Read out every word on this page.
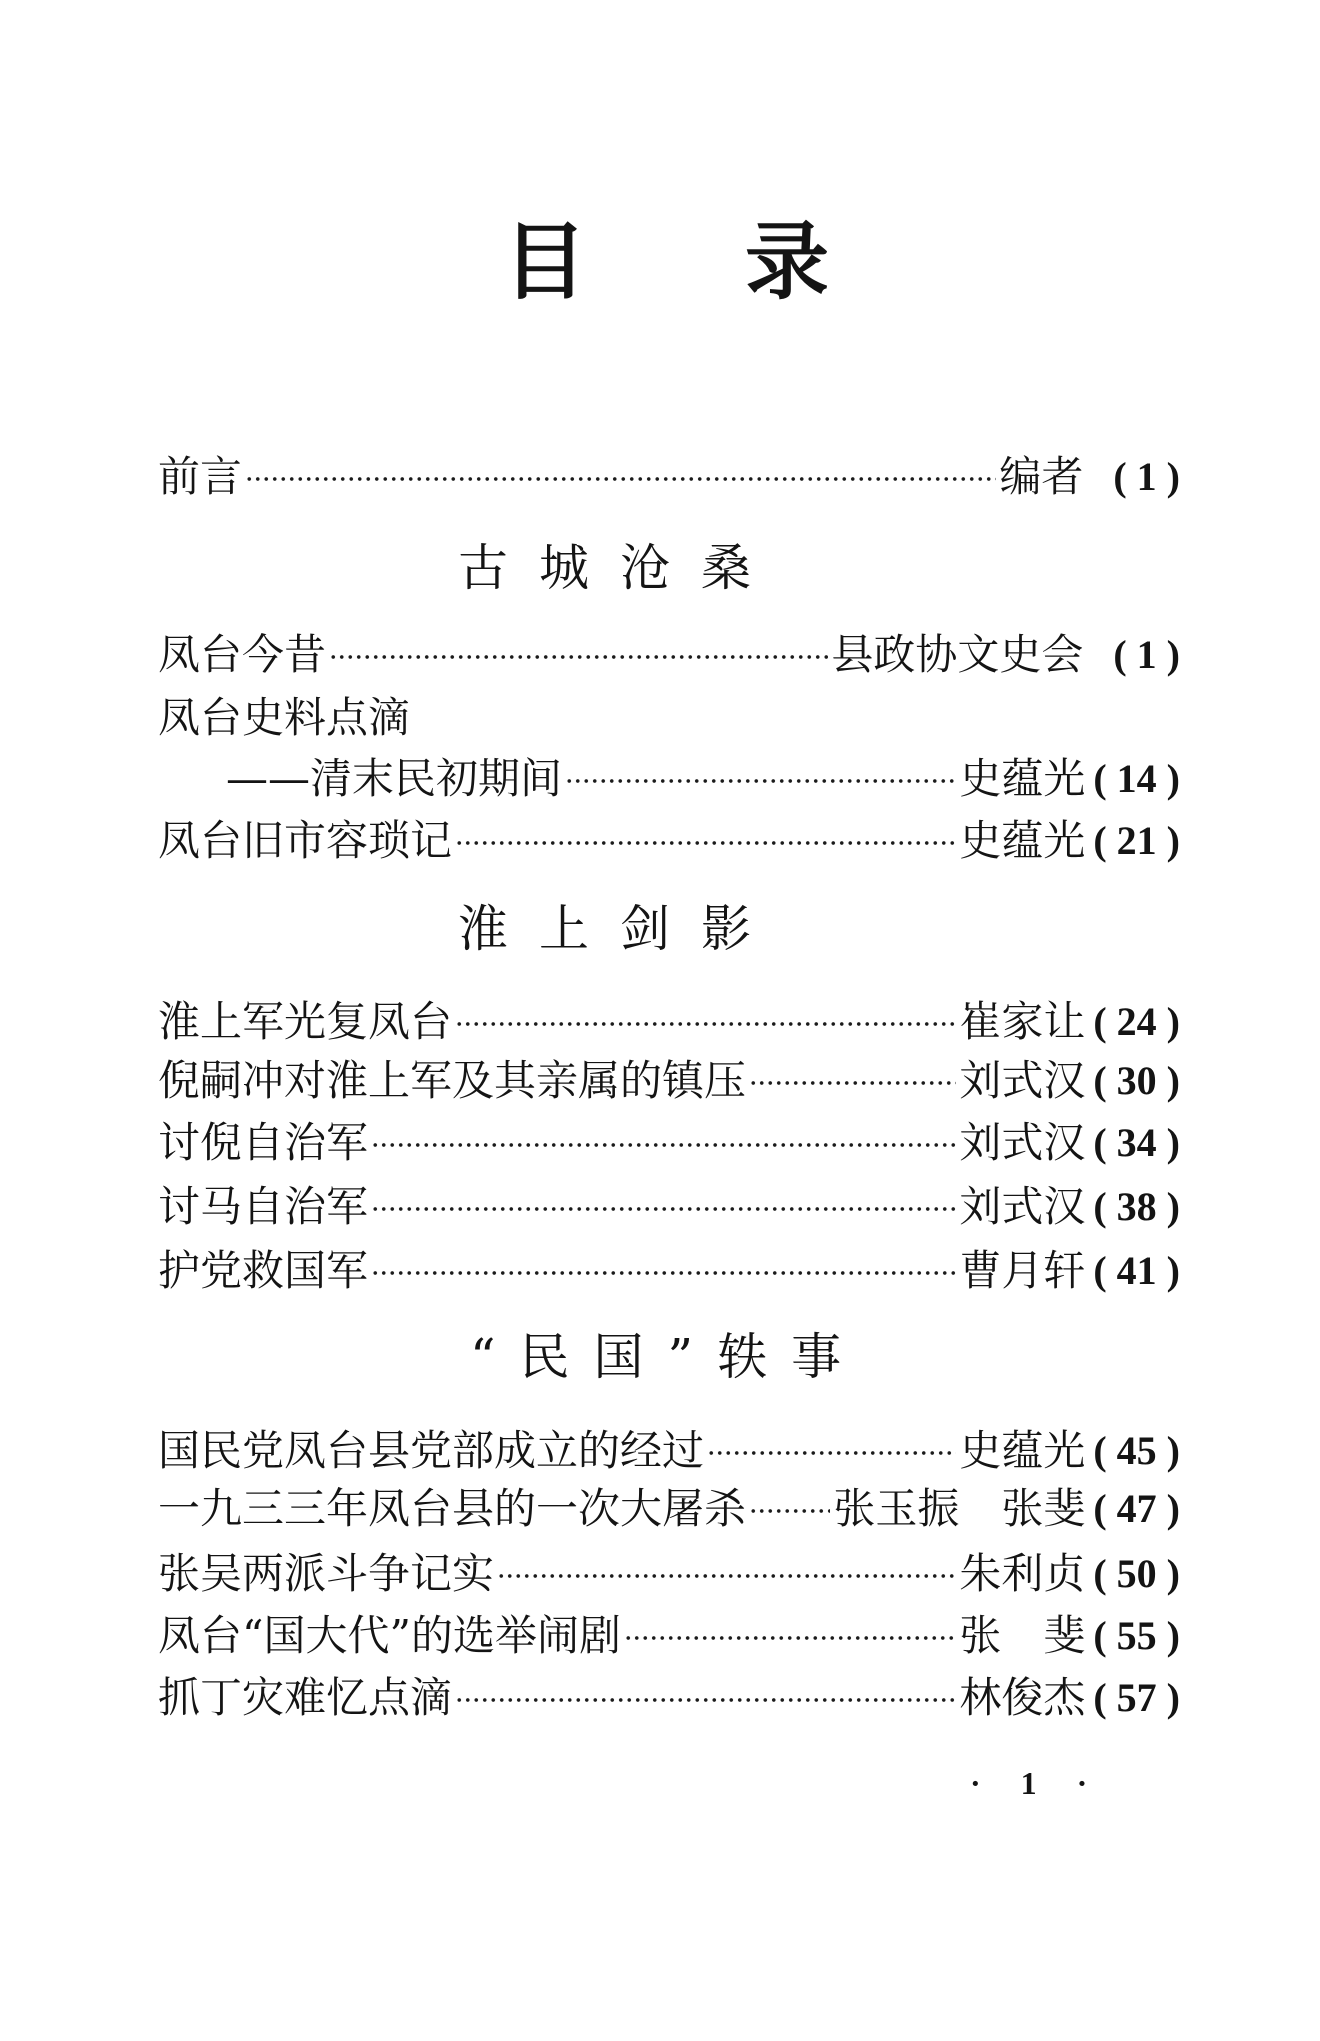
目录
前言	编者 ( 1 )
古城沧桑
凤台今昔	县政协文史会 ( 1 )
凤台史料点滴
——清末民初期间	史蕴光 ( 14 )
凤台旧市容琐记	史蕴光 ( 21 )
淮上剑影
淮上军光复凤台	崔家让 ( 24 )
倪嗣冲对淮上军及其亲属的镇压	刘式汉 ( 30 )
讨倪自治军	刘式汉 ( 34 )
讨马自治军	刘式汉 ( 38 )
护党救国军	曹月轩 ( 41 )
“民国”轶事
国民党凤台县党部成立的经过	史蕴光 ( 45 )
一九三三年凤台县的一次大屠杀 张玉振　张斐 ( 47 )
张吴两派斗争记实	朱利贞 ( 50 )
凤台“国大代”的选举闹剧	张　斐 ( 55 )
抓丁灾难忆点滴	林俊杰 ( 57 )
· 1 ·
